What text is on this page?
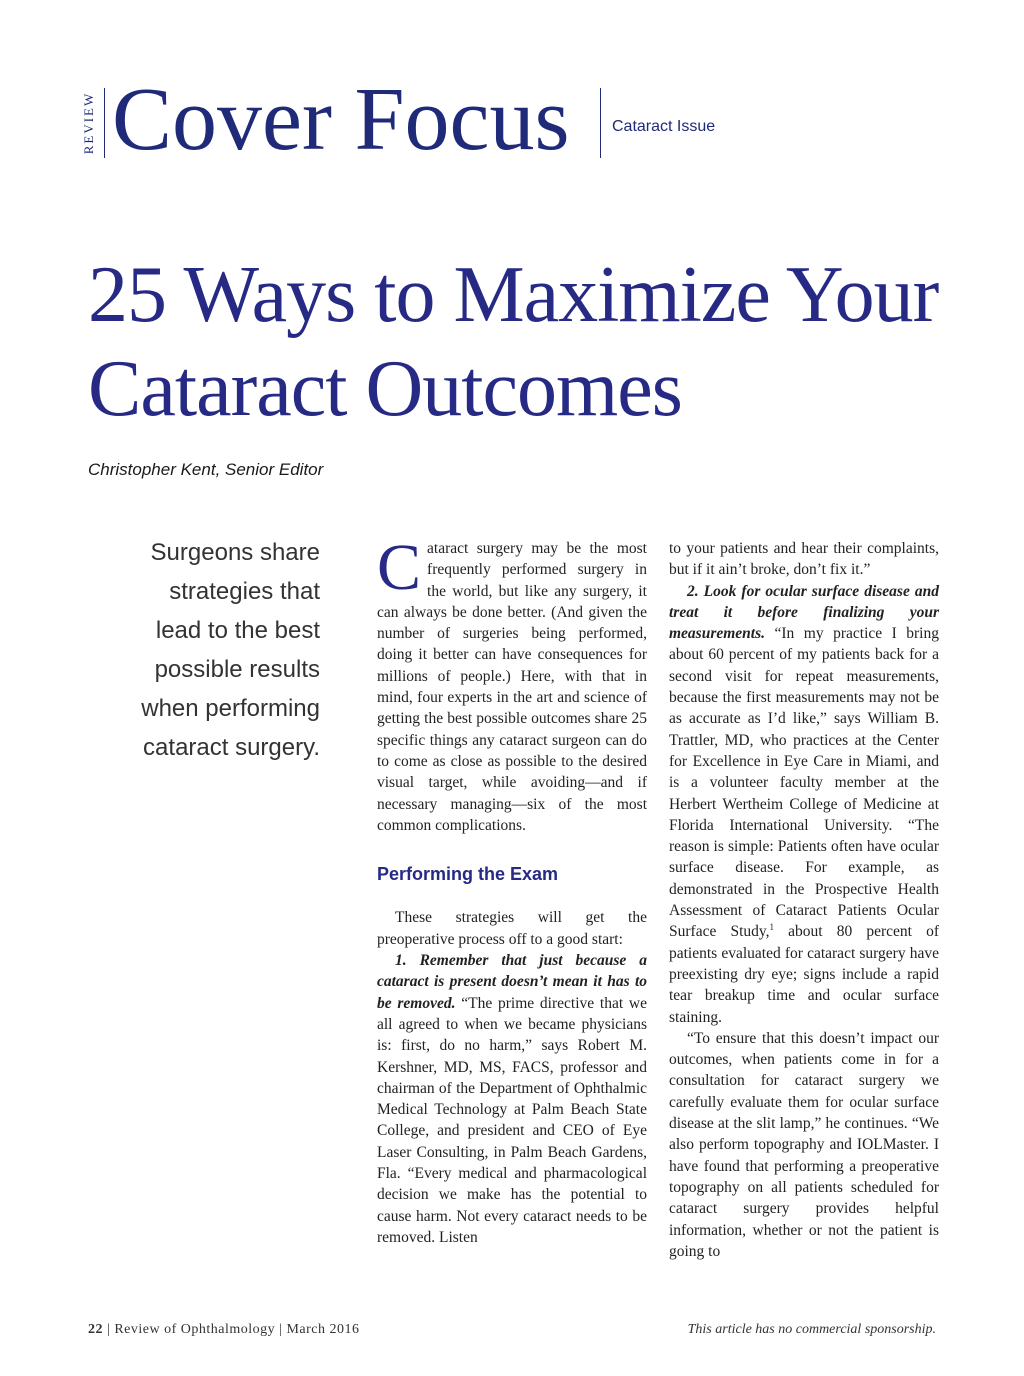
REVIEW Cover Focus	Cataract Issue
25 Ways to Maximize Your Cataract Outcomes
Christopher Kent, Senior Editor
Surgeons share strategies that lead to the best possible results when performing cataract surgery.

Cataract surgery may be the most frequently performed surgery in the world, but like any surgery, it can always be done better. (And given the number of surgeries being performed, doing it better can have consequences for millions of people.) Here, with that in mind, four experts in the art and science of getting the best possible outcomes share 25 specific things any cataract surgeon can do to come as close as possible to the desired visual target, while avoiding—and if necessary managing—six of the most common complications.

Performing the Exam

These strategies will get the preoperative process off to a good start:

1. Remember that just because a cataract is present doesn’t mean it has to be removed. “The prime directive that we all agreed to when we became physicians is: first, do no harm,” says Robert M. Kershner, MD, MS, FACS, professor and chairman of the Department of Ophthalmic Medical Technology at Palm Beach State College, and president and CEO of Eye Laser Consulting, in Palm Beach Gardens, Fla. “Every medical and pharmacological decision we make has the potential to cause harm. Not every cataract needs to be removed. Listen

to your patients and hear their complaints, but if it ain’t broke, don’t fix it.”

2. Look for ocular surface disease and treat it before finalizing your measurements. “In my practice I bring about 60 percent of my patients back for a second visit for repeat measurements, because the first measurements may not be as accurate as I’d like,” says William B. Trattler, MD, who practices at the Center for Excellence in Eye Care in Miami, and is a volunteer faculty member at the Herbert Wertheim College of Medicine at Florida International University. “The reason is simple: Patients often have ocular surface disease. For example, as demonstrated in the Prospective Health Assessment of Cataract Patients Ocular Surface Study,$^1$ about 80 percent of patients evaluated for cataract surgery have preexisting dry eye; signs include a rapid tear breakup time and ocular surface staining.

“To ensure that this doesn’t impact our outcomes, when patients come in for a consultation for cataract surgery we carefully evaluate them for ocular surface disease at the slit lamp,” he continues. “We also perform topography and IOLMaster. I have found that performing a preoperative topography on all patients scheduled for cataract surgery provides helpful information, whether or not the patient is going to

22 | Review of Ophthalmology | March 2016	This article has no commercial sponsorship.
